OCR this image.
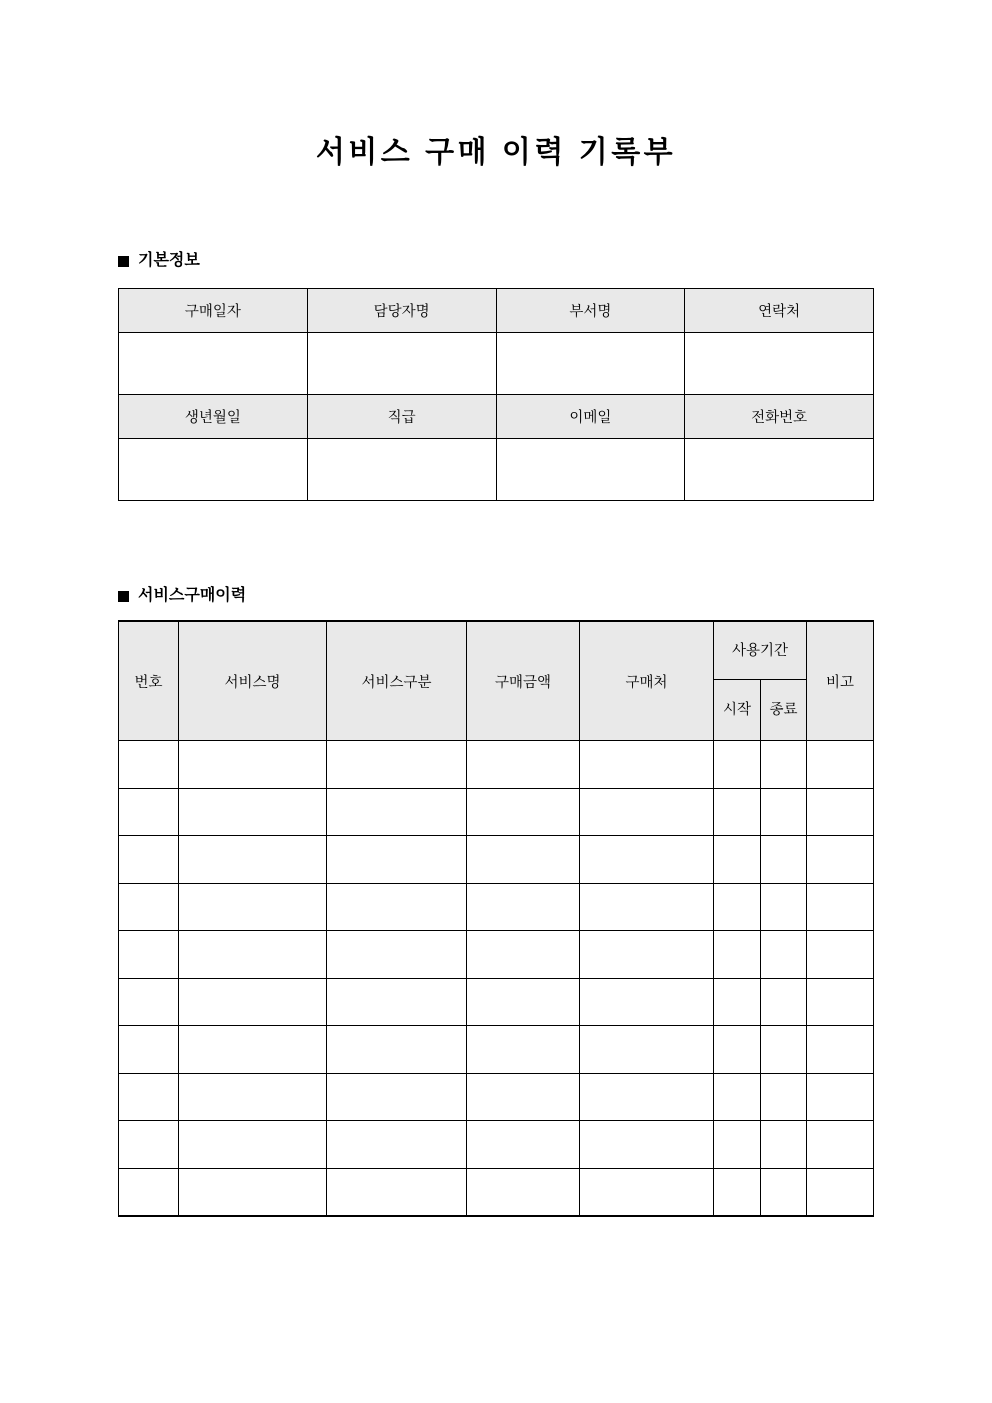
서비스 구매 이력 기록부
기본정보
구매일자	담당자명	부서명	연락처

생년월일	직급	이메일	전화번호

서비스구매이력
번호	서비스명	서비스구분	구매금액	구매처	사용기간		비고
					시작	종료	
